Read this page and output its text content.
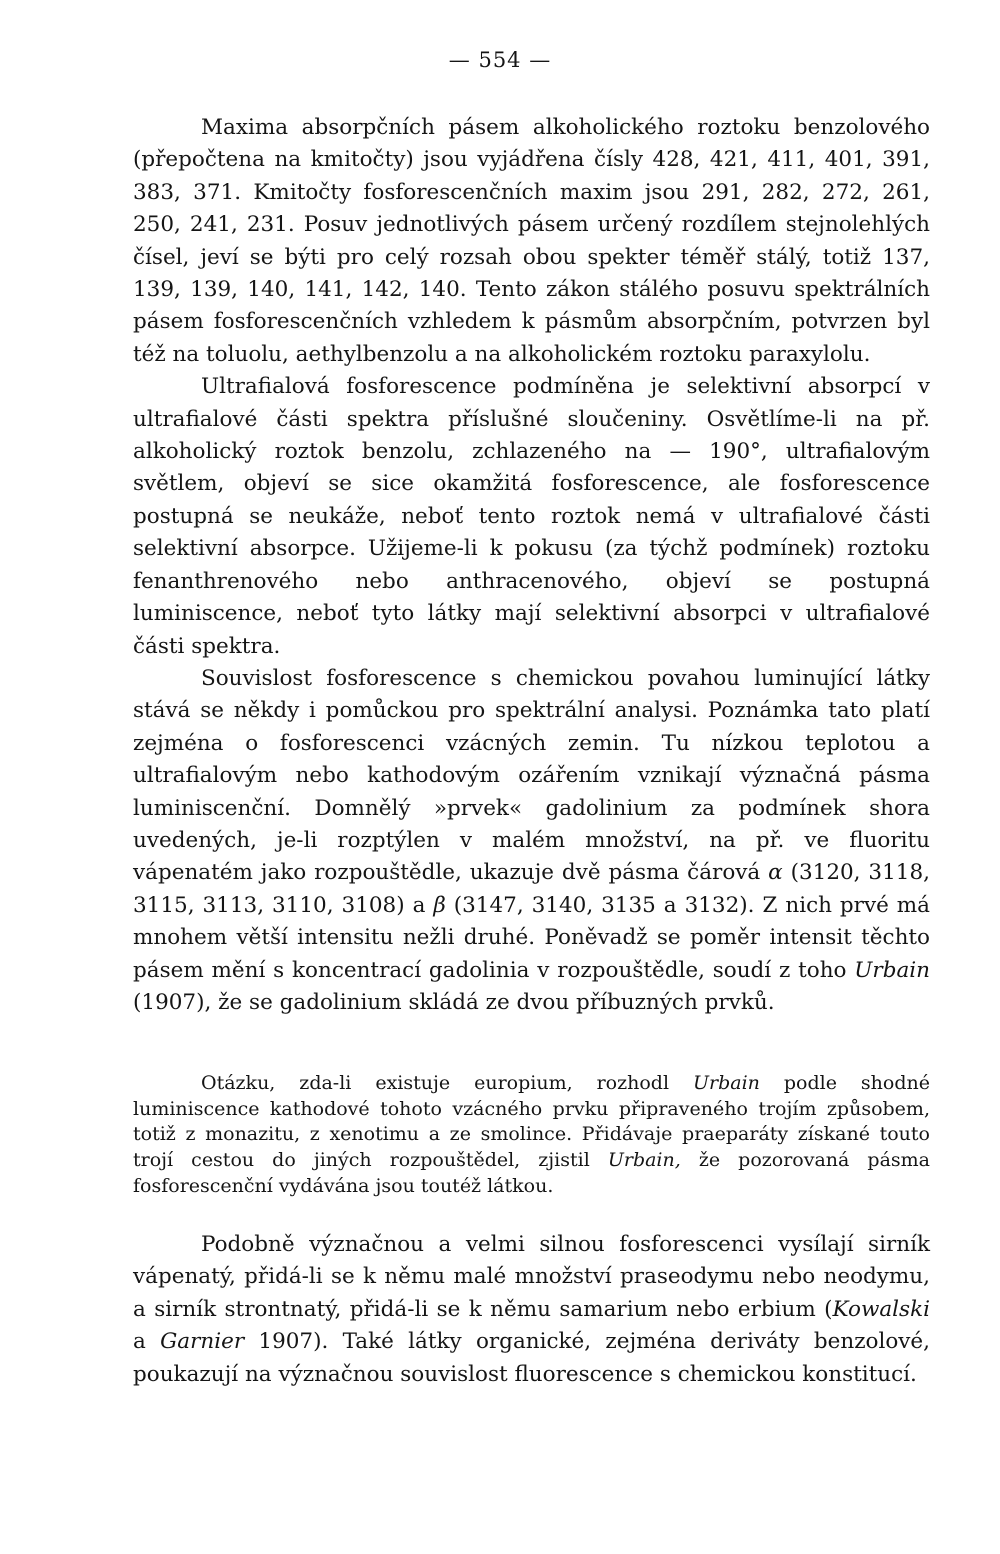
— 554 —

Maxima absorpčních pásem alkoholického roztoku benzolového (přepočtena na kmitočty) jsou vyjádřena čísly 428, 421, 411, 401, 391, 383, 371. Kmitočty fosforescenčních maxim jsou 291, 282, 272, 261, 250, 241, 231. Posuv jednotlivých pásem určený rozdílem stejnolehlých čísel, jeví se býti pro celý rozsah obou spekter téměř stálý, totiž 137, 139, 139, 140, 141, 142, 140. Tento zákon stálého posuvu spektrálních pásem fosforescenčních vzhledem k pásmům absorpčním, potvrzen byl též na toluolu, aethylbenzolu a na alkoholickém roztoku paraxylolu.

Ultrafialová fosforescence podmíněna je selektivní absorpcí v ultrafialové části spektra příslušné sloučeniny. Osvětlíme-li na př. alkoholický roztok benzolu, zchlazeného na — 190°, ultrafialovým světlem, objeví se sice okamžitá fosforescence, ale fosforescence postupná se neukáže, neboť tento roztok nemá v ultrafialové části selektivní absorpce. Užijeme-li k pokusu (za týchž podmínek) roztoku fenanthrenového nebo anthracenového, objeví se postupná luminiscence, neboť tyto látky mají selektivní absorpci v ultrafialové části spektra.

Souvislost fosforescence s chemickou povahou luminující látky stává se někdy i pomůckou pro spektrální analysi. Poznámka tato platí zejména o fosforescenci vzácných zemin. Tu nízkou teplotou a ultrafialovým nebo kathodovým ozářením vznikají význačná pásma luminiscenční. Domnělý »prvek« gadolinium za podmínek shora uvedených, je-li rozptýlen v malém množství, na př. ve fluoritu vápenatém jako rozpouštědle, ukazuje dvě pásma čárová α (3120, 3118, 3115, 3113, 3110, 3108) a β (3147, 3140, 3135 a 3132). Z nich prvé má mnohem větší intensitu nežli druhé. Poněvadž se poměr intensit těchto pásem mění s koncentrací gadolinia v rozpouštědle, soudí z toho Urbain (1907), že se gadolinium skládá ze dvou příbuzných prvků.

Otázku, zda-li existuje europium, rozhodl Urbain podle shodné luminiscence kathodové tohoto vzácného prvku připraveného trojím způsobem, totiž z monazitu, z xenotimu a ze smolince. Přidávaje praeparáty získané touto trojí cestou do jiných rozpouštědel, zjistil Urbain, že pozorovaná pásma fosforescenční vydávána jsou toutéž látkou.

Podobně význačnou a velmi silnou fosforescenci vysílají sirník vápenatý, přidá-li se k němu malé množství praseodymu nebo neodymu, a sirník strontnatý, přidá-li se k němu samarium nebo erbium (Kowalski a Garnier 1907). Také látky organické, zejména deriváty benzolové, poukazují na význačnou souvislost fluorescence s chemickou konstitucí.
